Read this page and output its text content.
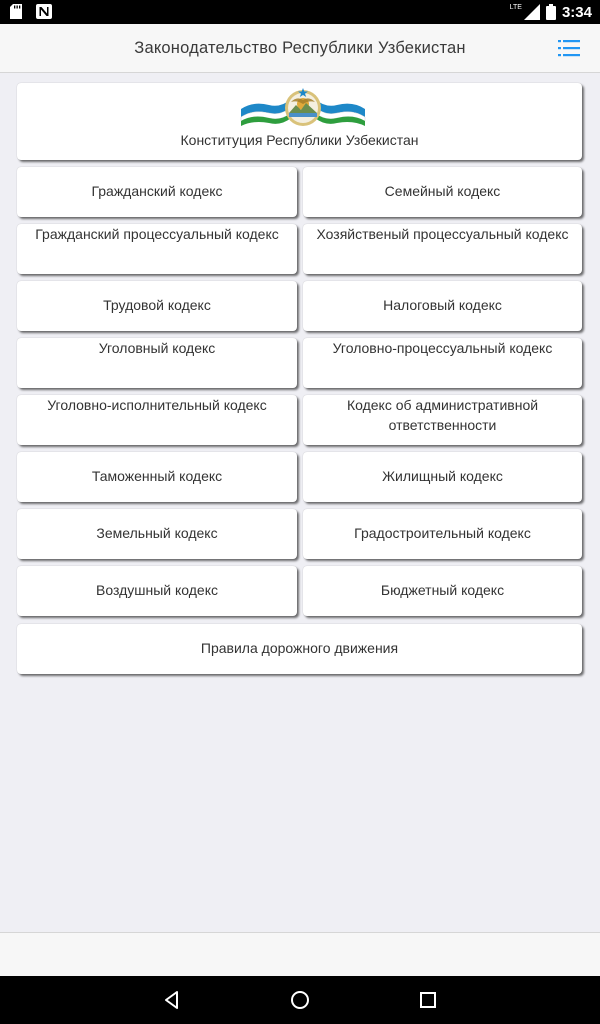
LTE	3:34
Законодательство Республики Узбекистан
Конституция Республики Узбекистан
Гражданский кодекс	Семейный кодекс
Гражданский процессуальный кодекс	Хозяйственый процессуальный кодекс
Трудовой кодекс	Налоговый кодекс
Уголовный кодекс	Уголовно-процессуальный кодекс
Уголовно-исполнительный кодекс	Кодекс об административной ответственности
Таможенный кодекс	Жилищный кодекс
Земельный кодекс	Градостроительный кодекс
Воздушный кодекс	Бюджетный кодекс
Правила дорожного движения
